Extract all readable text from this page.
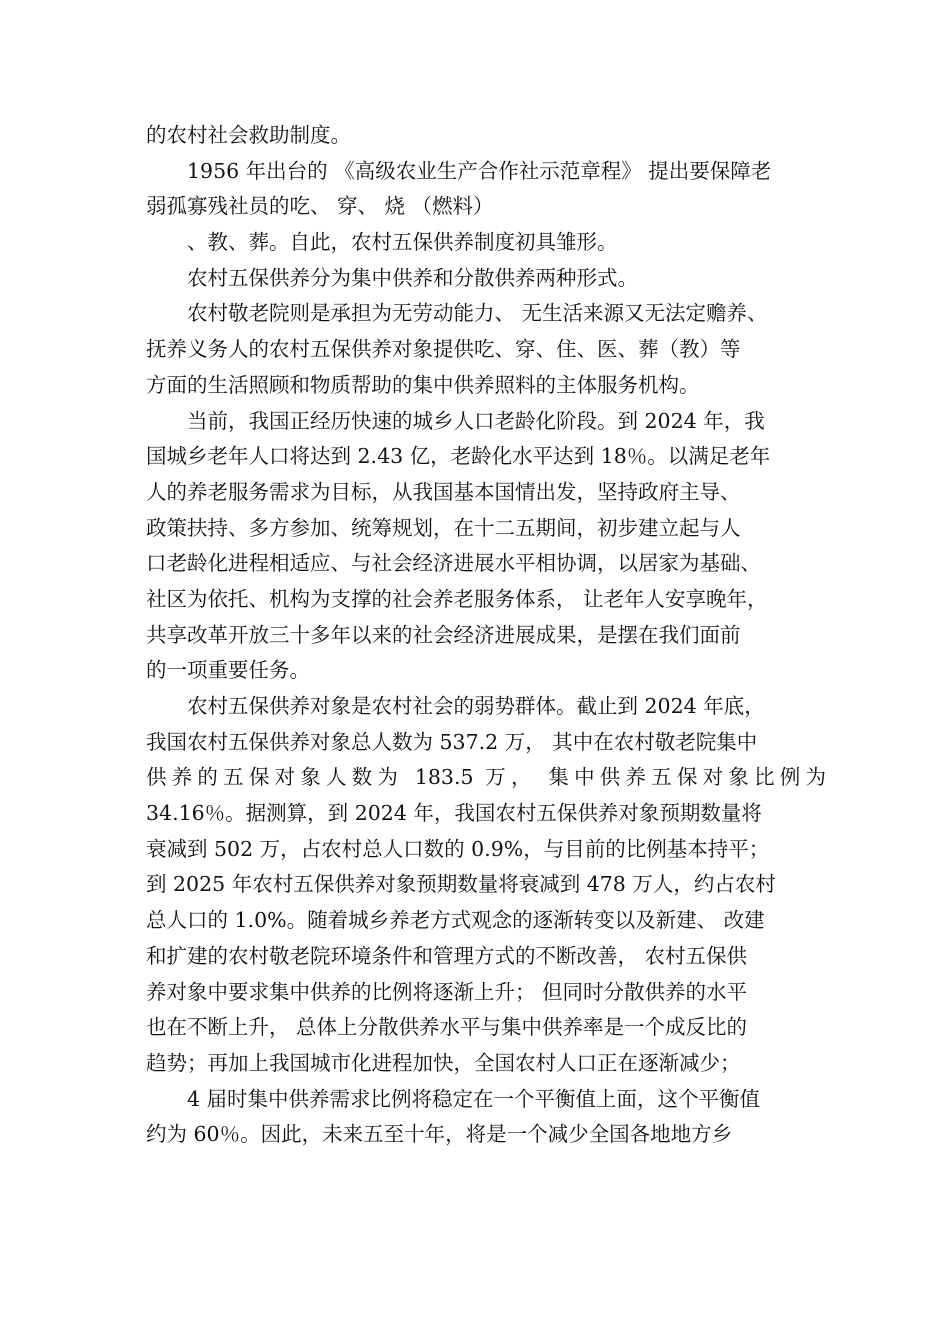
的农村社会救助制度。
1956 年出台的 《高级农业生产合作社示范章程》 提出要保障老
弱孤寡残社员的吃、 穿、 烧 （燃料）
、教、葬。自此，农村五保供养制度初具雏形。
农村五保供养分为集中供养和分散供养两种形式。
农村敬老院则是承担为无劳动能力、 无生活来源又无法定赡养、
抚养义务人的农村五保供养对象提供吃、穿、住、医、葬（教）等
方面的生活照顾和物质帮助的集中供养照料的主体服务机构。
当前，我国正经历快速的城乡人口老龄化阶段。到 2024 年，我
国城乡老年人口将达到 2.43 亿，老龄化水平达到 18％。以满足老年
人的养老服务需求为目标，从我国基本国情出发，坚持政府主导、
政策扶持、多方参加、统筹规划，在十二五期间，初步建立起与人
口老龄化进程相适应、与社会经济进展水平相协调，以居家为基础、
社区为依托、机构为支撑的社会养老服务体系， 让老年人安享晚年，
共享改革开放三十多年以来的社会经济进展成果，是摆在我们面前
的一项重要任务。
农村五保供养对象是农村社会的弱势群体。截止到 2024 年底，
我国农村五保供养对象总人数为 537.2 万， 其中在农村敬老院集中
供养的五保对象人数为 183.5 万， 集中供养五保对象比例为
34.16％。据测算，到 2024 年，我国农村五保供养对象预期数量将
衰减到 502 万，占农村总人口数的 0.9%，与目前的比例基本持平；
到 2025 年农村五保供养对象预期数量将衰减到 478 万人，约占农村
总人口的 1.0%。随着城乡养老方式观念的逐渐转变以及新建、 改建
和扩建的农村敬老院环境条件和管理方式的不断改善， 农村五保供
养对象中要求集中供养的比例将逐渐上升； 但同时分散供养的水平
也在不断上升， 总体上分散供养水平与集中供养率是一个成反比的
趋势；再加上我国城市化进程加快，全国农村人口正在逐渐减少；
4 届时集中供养需求比例将稳定在一个平衡值上面，这个平衡值
约为 60％。因此，未来五至十年，将是一个减少全国各地地方乡
